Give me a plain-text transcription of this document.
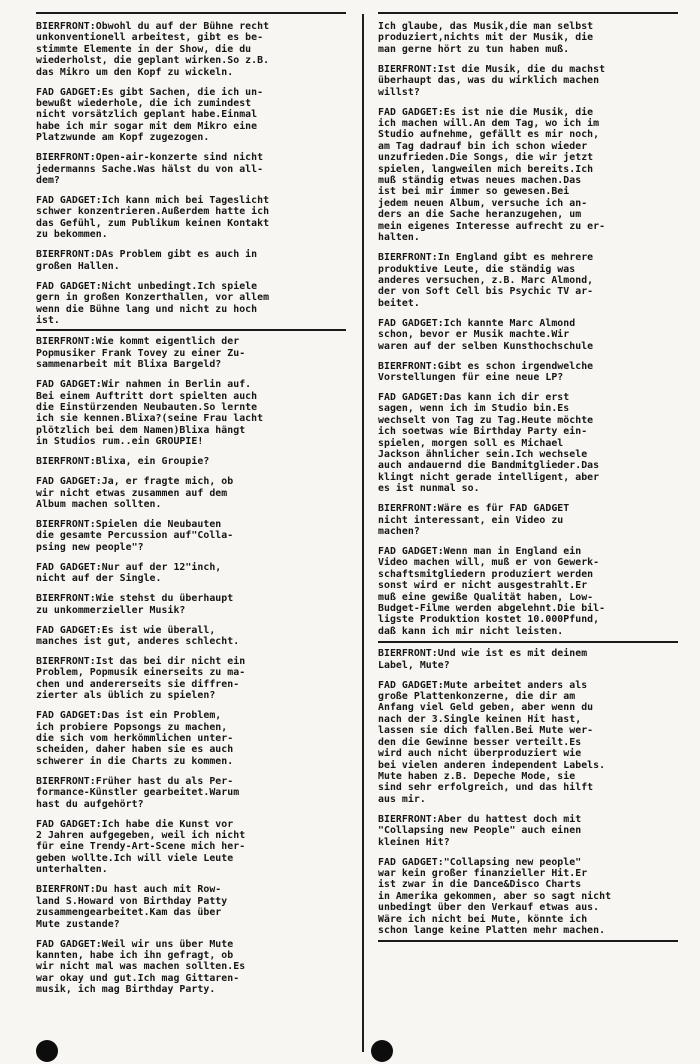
BIERFRONT:Obwohl du auf der Bühne recht
unkonventionell arbeitest, gibt es be-
stimmte Elemente in der Show, die du
wiederholst, die geplant wirken.So z.B.
das Mikro um den Kopf zu wickeln.

FAD GADGET:Es gibt Sachen, die ich un-
bewußt wiederhole, die ich zumindest
nicht vorsätzlich geplant habe.Einmal
habe ich mir sogar mit dem Mikro eine
Platzwunde am Kopf zugezogen.

BIERFRONT:Open-air-konzerte sind nicht
jedermanns Sache.Was hälst du von all-
dem?

FAD GADGET:Ich kann mich bei Tageslicht
schwer konzentrieren.Außerdem hatte ich
das Gefühl, zum Publikum keinen Kontakt
zu bekommen.

BIERFRONT:DAs Problem gibt es auch in
großen Hallen.

FAD GADGET:Nicht unbedingt.Ich spiele
gern in großen Konzerthallen, vor allem
wenn die Bühne lang und nicht zu hoch
ist.

BIERFRONT:Wie kommt eigentlich der
Popmusiker Frank Tovey zu einer Zu-
sammenarbeit mit Blixa Bargeld?

FAD GADGET:Wir nahmen in Berlin auf.
Bei einem Auftritt dort spielten auch
die Einstürzenden Neubauten.So lernte
ich sie kennen.Blixa?(seine Frau lacht
plötzlich bei dem Namen)Blixa hängt
in Studios rum..ein GROUPIE!

BIERFRONT:Blixa, ein Groupie?

FAD GADGET:Ja, er fragte mich, ob
wir nicht etwas zusammen auf dem
Album machen sollten.

BIERFRONT:Spielen die Neubauten
die gesamte Percussion auf"Colla-
psing new people"?

FAD GADGET:Nur auf der 12"inch,
nicht auf der Single.

BIERFRONT:Wie stehst du überhaupt
zu unkommerzieller Musik?

FAD GADGET:Es ist wie überall,
manches ist gut, anderes schlecht.

BIERFRONT:Ist das bei dir nicht ein
Problem, Popmusik einerseits zu ma-
chen und andererseits sie diffren-
zierter als üblich zu spielen?

FAD GADGET:Das ist ein Problem,
ich probiere Popsongs zu machen,
die sich vom herkömmlichen unter-
scheiden, daher haben sie es auch
schwerer in die Charts zu kommen.

BIERFRONT:Früher hast du als Per-
formance-Künstler gearbeitet.Warum
hast du aufgehört?

FAD GADGET:Ich habe die Kunst vor
2 Jahren aufgegeben, weil ich nicht
für eine Trendy-Art-Scene mich her-
geben wollte.Ich will viele Leute
unterhalten.

BIERFRONT:Du hast auch mit Row-
land S.Howard von Birthday Patty
zusammengearbeitet.Kam das über
Mute zustande?

FAD GADGET:Weil wir uns über Mute
kannten, habe ich ihn gefragt, ob
wir nicht mal was machen sollten.Es
war okay und gut.Ich mag Gittaren-
musik, ich mag Birthday Party.

Ich glaube, das Musik,die man selbst
produziert,nichts mit der Musik, die
man gerne hört zu tun haben muß.

BIERFRONT:Ist die Musik, die du machst
überhaupt das, was du wirklich machen
willst?

FAD GADGET:Es ist nie die Musik, die
ich machen will.An dem Tag, wo ich im
Studio aufnehme, gefällt es mir noch,
am Tag dadrauf bin ich schon wieder
unzufrieden.Die Songs, die wir jetzt
spielen, langweilen mich bereits.Ich
muß ständig etwas neues machen.Das
ist bei mir immer so gewesen.Bei
jedem neuen Album, versuche ich an-
ders an die Sache heranzugehen, um
mein eigenes Interesse aufrecht zu er-
halten.

BIERFRONT:In England gibt es mehrere
produktive Leute, die ständig was
anderes versuchen, z.B. Marc Almond,
der von Soft Cell bis Psychic TV ar-
beitet.

FAD GADGET:Ich kannte Marc Almond
schon, bevor er Musik machte.Wir
waren auf der selben Kunsthochschule

BIERFRONT:Gibt es schon irgendwelche
Vorstellungen für eine neue LP?

FAD GADGET:Das kann ich dir erst
sagen, wenn ich im Studio bin.Es
wechselt von Tag zu Tag.Heute möchte
ich soetwas wie Birthday Party ein-
spielen, morgen soll es Michael
Jackson ähnlicher sein.Ich wechsele
auch andauernd die Bandmitglieder.Das
klingt nicht gerade intelligent, aber
es ist nunmal so.

BIERFRONT:Wäre es für FAD GADGET
nicht interessant, ein Video zu
machen?

FAD GADGET:Wenn man in England ein
Video machen will, muß er von Gewerk-
schaftsmitgliedern produziert werden
sonst wird er nicht ausgestrahlt.Er
muß eine gewiße Qualität haben, Low-
Budget-Filme werden abgelehnt.Die bil-
ligste Produktion kostet 10.000Pfund,
daß kann ich mir nicht leisten.

BIERFRONT:Und wie ist es mit deinem
Label, Mute?

FAD GADGET:Mute arbeitet anders als
große Plattenkonzerne, die dir am
Anfang viel Geld geben, aber wenn du
nach der 3.Single keinen Hit hast,
lassen sie dich fallen.Bei Mute wer-
den die Gewinne besser verteilt.Es
wird auch nicht überproduziert wie
bei vielen anderen independent Labels.
Mute haben z.B. Depeche Mode, sie
sind sehr erfolgreich, und das hilft
aus mir.

BIERFRONT:Aber du hattest doch mit
"Collapsing new People" auch einen
kleinen Hit?

FAD GADGET:"Collapsing new people"
war kein großer finanzieller Hit.Er
ist zwar in die Dance&Disco Charts
in Amerika gekommen, aber so sagt nicht
unbedingt über den Verkauf etwas aus.
Wäre ich nicht bei Mute, könnte ich
schon lange keine Platten mehr machen.
